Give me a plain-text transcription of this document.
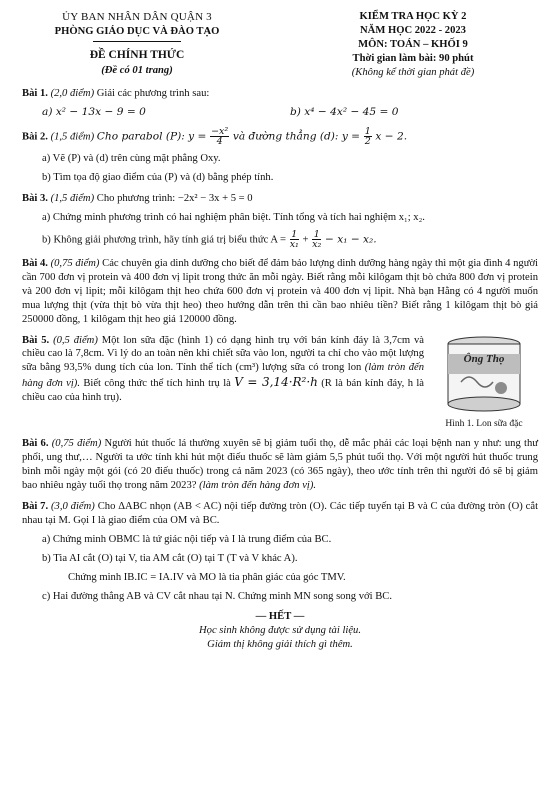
ỦY BAN NHÂN DÂN QUẬN 3
PHÒNG GIÁO DỤC VÀ ĐÀO TẠO
ĐỀ CHÍNH THỨC
(Đề có 01 trang)
KIỂM TRA HỌC KỲ 2
NĂM HỌC 2022 - 2023
MÔN: TOÁN – KHỐI 9
Thời gian làm bài: 90 phút
(Không kể thời gian phát đề)
Bài 1. (2,0 điểm) Giải các phương trình sau:
a) x² − 13x − 9 = 0	b) x⁴ − 4x² − 45 = 0
Bài 2. (1,5 điểm) Cho parabol (P): $y = \frac{\text{−x²}}{4}$ và đường thẳng (d): $y = \frac{1}{2}$ x − 2.
a) Vẽ (P) và (d) trên cùng mặt phẳng Oxy.
b) Tìm tọa độ giao điểm của (P) và (d) bằng phép tính.
Bài 3. (1,5 điểm) Cho phương trình: −2x² − 3x + 5 = 0
a) Chứng minh phương trình có hai nghiệm phân biệt. Tính tổng và tích hai nghiệm x₁; x₂.
b) Không giải phương trình, hãy tính giá trị biểu thức $A = \frac{1}{\text{x₁}} + \frac{1}{\text{x₂}} - x_1 - x_2$.
Bài 4. (0,75 điểm) Các chuyên gia dinh dưỡng cho biết để đảm bảo lượng dinh dưỡng hàng ngày thì một gia đình 4 người cần 700 đơn vị protein và 400 đơn vị lipit trong thức ăn mỗi ngày. Biết rằng mỗi kilôgam thịt bò chứa 800 đơn vị protein và 200 đơn vị lipit; mỗi kilôgam thịt heo chứa 600 đơn vị protein và 400 đơn vị lipit. Nhà bạn Hằng có 4 người muốn mua lượng thịt (vừa thịt bò vừa thịt heo) theo hướng dẫn trên thì cần bao nhiêu tiền? Biết rằng 1 kilôgam thịt bò giá 250000 đồng, 1 kilôgam thịt heo giá 120000 đồng.
Bài 5. (0,5 điểm) Một lon sữa đặc (hình 1) có dạng hình trụ với bán kính đáy là 3,7cm và chiều cao là 7,8cm. Vì lý do an toàn nên khi chiết sữa vào lon, người ta chỉ cho vào một lượng sữa bằng 93,5% dung tích của lon. Tính thể tích (cm³) lượng sữa có trong lon (làm tròn đến hàng đơn vị). Biết công thức thể tích hình trụ là V = 3,14·R²·h (R là bán kính đáy, h là chiều cao của hình trụ).
Hình 1. Lon sữa đặc
Bài 6. (0,75 điểm) Người hút thuốc lá thường xuyên sẽ bị giảm tuổi thọ, dễ mắc phải các loại bệnh nan y như: ung thư phổi, ung thư,… Người ta ước tính khi hút một điếu thuốc sẽ làm giảm 5,5 phút tuổi thọ. Với một người hút thuốc trung bình mỗi ngày một gói (có 20 điếu thuốc) trong cả năm 2023 (có 365 ngày), theo ước tính trên thì người đó sẽ bị giảm bao nhiêu ngày tuổi thọ trong năm 2023? (làm tròn đến hàng đơn vị).
Bài 7. (3,0 điểm) Cho ΔABC nhọn (AB < AC) nội tiếp đường tròn (O). Các tiếp tuyến tại B và C của đường tròn (O) cắt nhau tại M. Gọi I là giao điểm của OM và BC.
a) Chứng minh OBMC là tứ giác nội tiếp và I là trung điểm của BC.
b) Tia AI cắt (O) tại V, tia AM cắt (O) tại T (T và V khác A).
Chứng minh IB.IC = IA.IV và MO là tia phân giác của góc TMV.
c) Hai đường thẳng AB và CV cắt nhau tại N. Chứng minh MN song song với BC.
— HẾT —
Học sinh không được sử dụng tài liệu.
Giám thị không giải thích gì thêm.
